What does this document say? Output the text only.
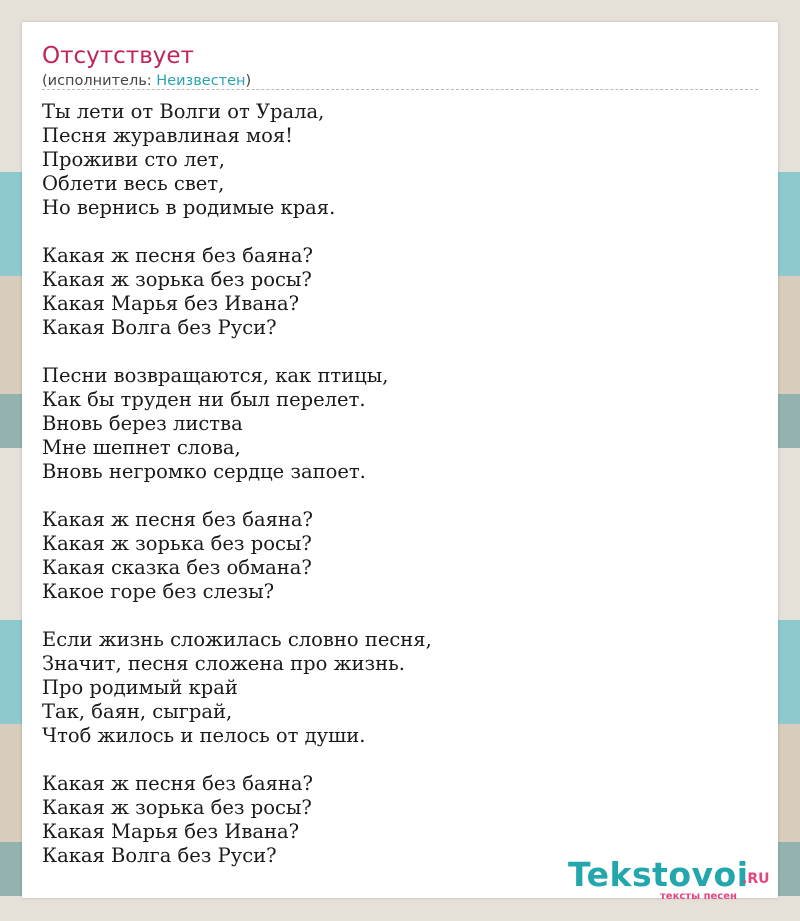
Отсутствует
(исполнитель: Неизвестен)
Ты лети от Волги от Урала,
Песня журавлиная моя!
Проживи сто лет,
Облети весь свет,
Но вернись в родимые края.
Какая ж песня без баяна?
Какая ж зорька без росы?
Какая Марья без Ивана?
Какая Волга без Руси?
Песни возвращаются, как птицы,
Как бы труден ни был перелет.
Вновь берез листва
Мне шепнет слова,
Вновь негромко сердце запоет.
Какая ж песня без баяна?
Какая ж зорька без росы?
Какая сказка без обмана?
Какое горе без слезы?
Если жизнь сложилась словно песня,
Значит, песня сложена про жизнь.
Про родимый край
Так, баян, сыграй,
Чтоб жилось и пелось от души.
Какая ж песня без баяна?
Какая ж зорька без росы?
Какая Марья без Ивана?
Какая Волга без Руси?	Tekstovoi
.RU
тексты песен
